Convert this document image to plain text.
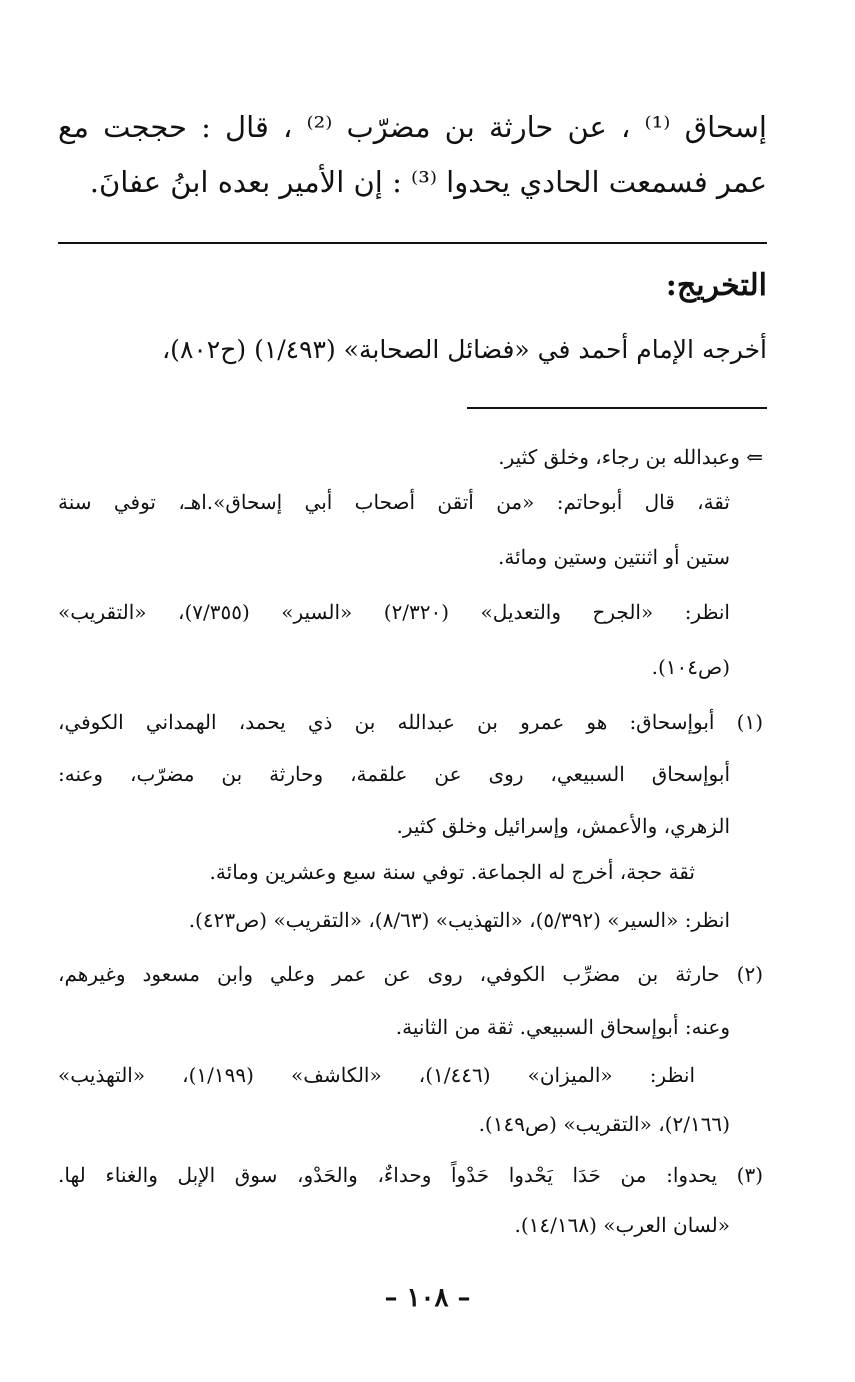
إسحاق ⁽¹⁾ ، عن حارثة بن مضرّب ⁽²⁾ ، قال : حججت مع
عمر فسمعت الحادي يحدوا ⁽³⁾ : إن الأمير بعده ابنُ عفانَ.
التخريج:
أخرجه الإمام أحمد في «فضائل الصحابة» (١/٤٩٣) (ح٨٠٢)،
⇐ وعبدالله بن رجاء، وخلق كثير.
ثقة، قال أبوحاتم: «من أتقن أصحاب أبي إسحاق».اهـ، توفي سنة
ستين أو اثنتين وستين ومائة.
انظر: «الجرح والتعديل» (٢/٣٢٠) «السير» (٧/٣٥٥)، «التقريب»
(ص١٠٤).
(١) أبوإسحاق: هو عمرو بن عبدالله بن ذي يحمد، الهمداني الكوفي،
أبوإسحاق السبيعي، روى عن علقمة، وحارثة بن مضرّب، وعنه:
الزهري، والأعمش، وإسرائيل وخلق كثير.
ثقة حجة، أخرج له الجماعة. توفي سنة سبع وعشرين ومائة.
انظر: «السير» (٥/٣٩٢)، «التهذيب» (٨/٦٣)، «التقريب» (ص٤٢٣).
(٢) حارثة بن مضرِّب الكوفي، روى عن عمر وعلي وابن مسعود وغيرهم،
وعنه: أبوإسحاق السبيعي. ثقة من الثانية.
انظر: «الميزان» (١/٤٤٦)، «الكاشف» (١/١٩٩)، «التهذيب»
(٢/١٦٦)، «التقريب» (ص١٤٩).
(٣) يحدوا: من حَدَا يَحْدوا حَدْواً وحداءٌ، والحَدْو، سوق الإبل والغناء لها.
«لسان العرب» (١٤/١٦٨).
– ١٠٨ –
